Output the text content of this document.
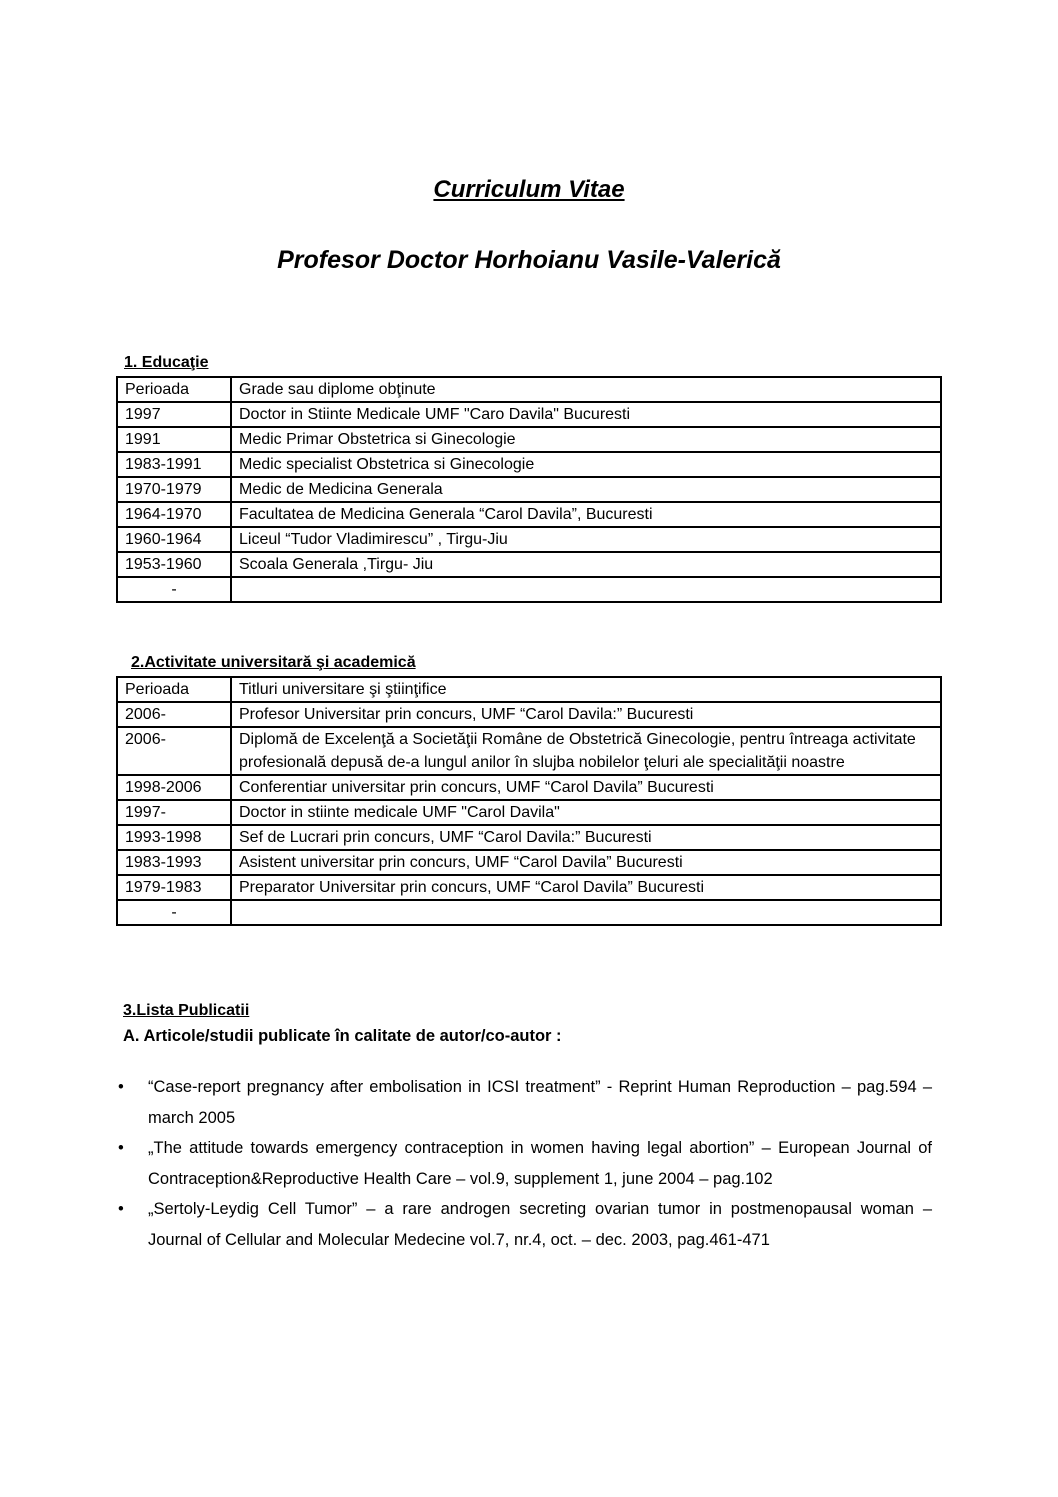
Curriculum Vitae
Profesor Doctor Horhoianu Vasile-Valerică
1. Educaţie
Perioada	Grade sau diplome obţinute
1997	Doctor in Stiinte Medicale UMF "Caro Davila" Bucuresti
1991	Medic Primar Obstetrica si Ginecologie
1983-1991	Medic specialist Obstetrica si Ginecologie
1970-1979	Medic de Medicina Generala
1964-1970	Facultatea de Medicina Generala “Carol Davila”, Bucuresti
1960-1964	Liceul “Tudor Vladimirescu” , Tirgu-Jiu
1953-1960	Scoala Generala ,Tirgu- Jiu
-	
2.Activitate universitară şi academică
Perioada	Titluri universitare şi ştiinţifice
2006-	Profesor Universitar prin concurs, UMF “Carol Davila:” Bucuresti
2006-	Diplomă de Excelenţă a Societăţii Române de Obstetrică Ginecologie, pentru întreaga activitate profesională depusă de-a lungul anilor în slujba nobilelor ţeluri ale specialităţii noastre
1998-2006	Conferentiar universitar prin concurs, UMF “Carol Davila” Bucuresti
1997-	Doctor in stiinte medicale UMF "Carol Davila"
1993-1998	Sef de Lucrari prin concurs, UMF “Carol Davila:” Bucuresti
1983-1993	Asistent universitar prin concurs, UMF “Carol Davila” Bucuresti
1979-1983	Preparator Universitar prin concurs, UMF “Carol Davila” Bucuresti
-	
3.Lista Publicatii
A. Articole/studii publicate în calitate de autor/co-autor :
• “Case-report pregnancy after embolisation in ICSI treatment” - Reprint Human Reproduction – pag.594 – march 2005
• „The attitude towards emergency contraception in women having legal abortion” – European Journal of Contraception&Reproductive Health Care – vol.9, supplement 1, june 2004 – pag.102
• „Sertoly-Leydig Cell Tumor” – a rare androgen secreting ovarian tumor in postmenopausal woman – Journal of Cellular and Molecular Medecine vol.7, nr.4, oct. – dec. 2003, pag.461-471
